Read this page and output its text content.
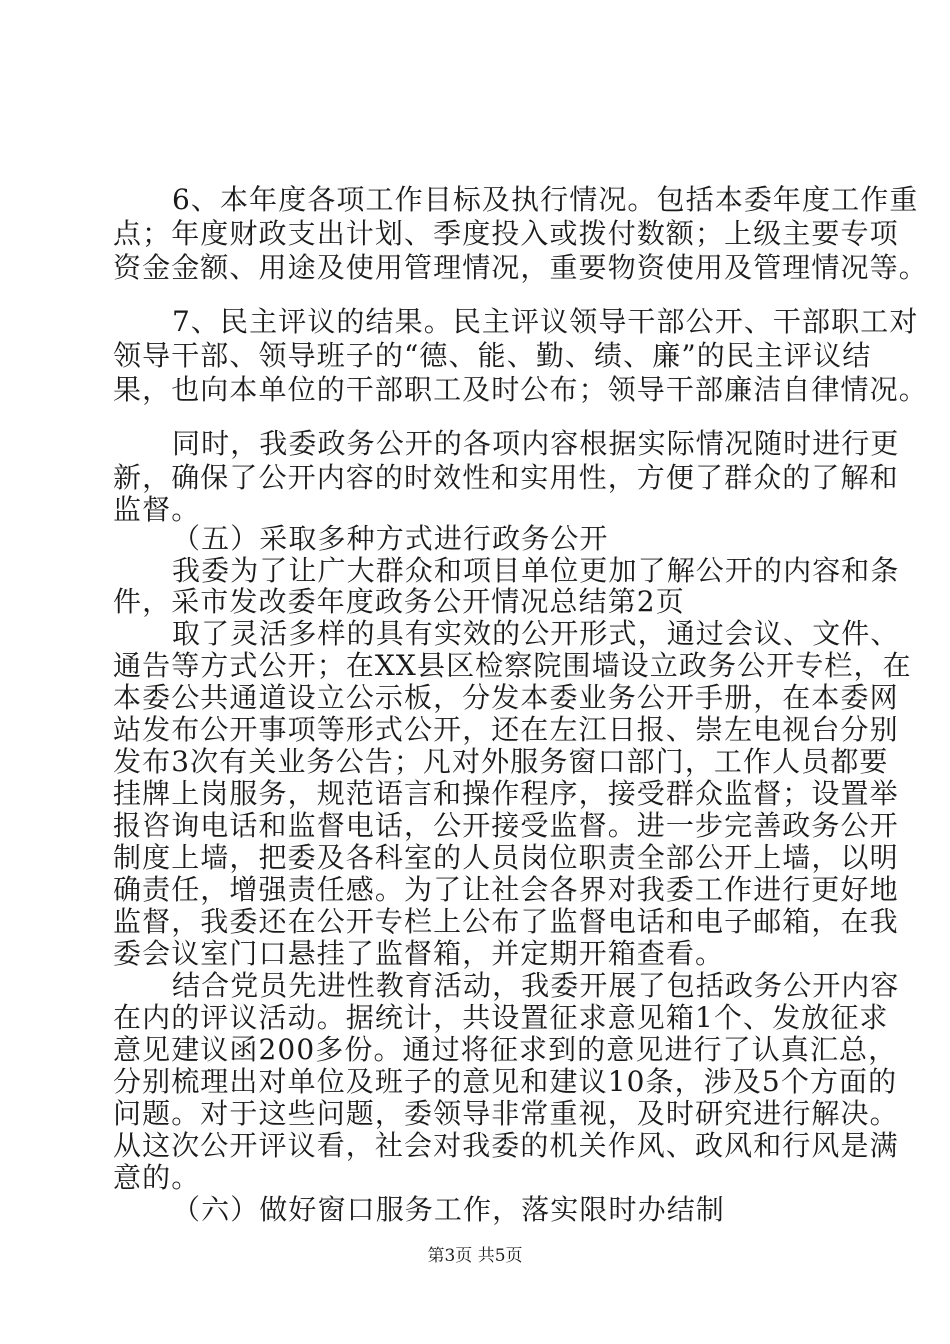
6、本年度各项工作目标及执行情况。包括本委年度工作重
点；年度财政支出计划、季度投入或拨付数额；上级主要专项
资金金额、用途及使用管理情况，重要物资使用及管理情况等。
7、民主评议的结果。民主评议领导干部公开、干部职工对
领导干部、领导班子的“德、能、勤、绩、廉”的民主评议结
果，也向本单位的干部职工及时公布；领导干部廉洁自律情况。
同时，我委政务公开的各项内容根据实际情况随时进行更
新，确保了公开内容的时效性和实用性，方便了群众的了解和
监督。
（五）采取多种方式进行政务公开
我委为了让广大群众和项目单位更加了解公开的内容和条
件，采市发改委年度政务公开情况总结第2页
取了灵活多样的具有实效的公开形式，通过会议、文件、
通告等方式公开；在XX县区检察院围墙设立政务公开专栏，在
本委公共通道设立公示板，分发本委业务公开手册，在本委网
站发布公开事项等形式公开，还在左江日报、崇左电视台分别
发布3次有关业务公告；凡对外服务窗口部门，工作人员都要
挂牌上岗服务，规范语言和操作程序，接受群众监督；设置举
报咨询电话和监督电话，公开接受监督。进一步完善政务公开
制度上墙，把委及各科室的人员岗位职责全部公开上墙，以明
确责任，增强责任感。为了让社会各界对我委工作进行更好地
监督，我委还在公开专栏上公布了监督电话和电子邮箱，在我
委会议室门口悬挂了监督箱，并定期开箱查看。
结合党员先进性教育活动，我委开展了包括政务公开内容
在内的评议活动。据统计，共设置征求意见箱1个、发放征求
意见建议函200多份。通过将征求到的意见进行了认真汇总，
分别梳理出对单位及班子的意见和建议10条，涉及5个方面的
问题。对于这些问题，委领导非常重视，及时研究进行解决。
从这次公开评议看，社会对我委的机关作风、政风和行风是满
意的。
（六）做好窗口服务工作，落实限时办结制
第3页 共5页
